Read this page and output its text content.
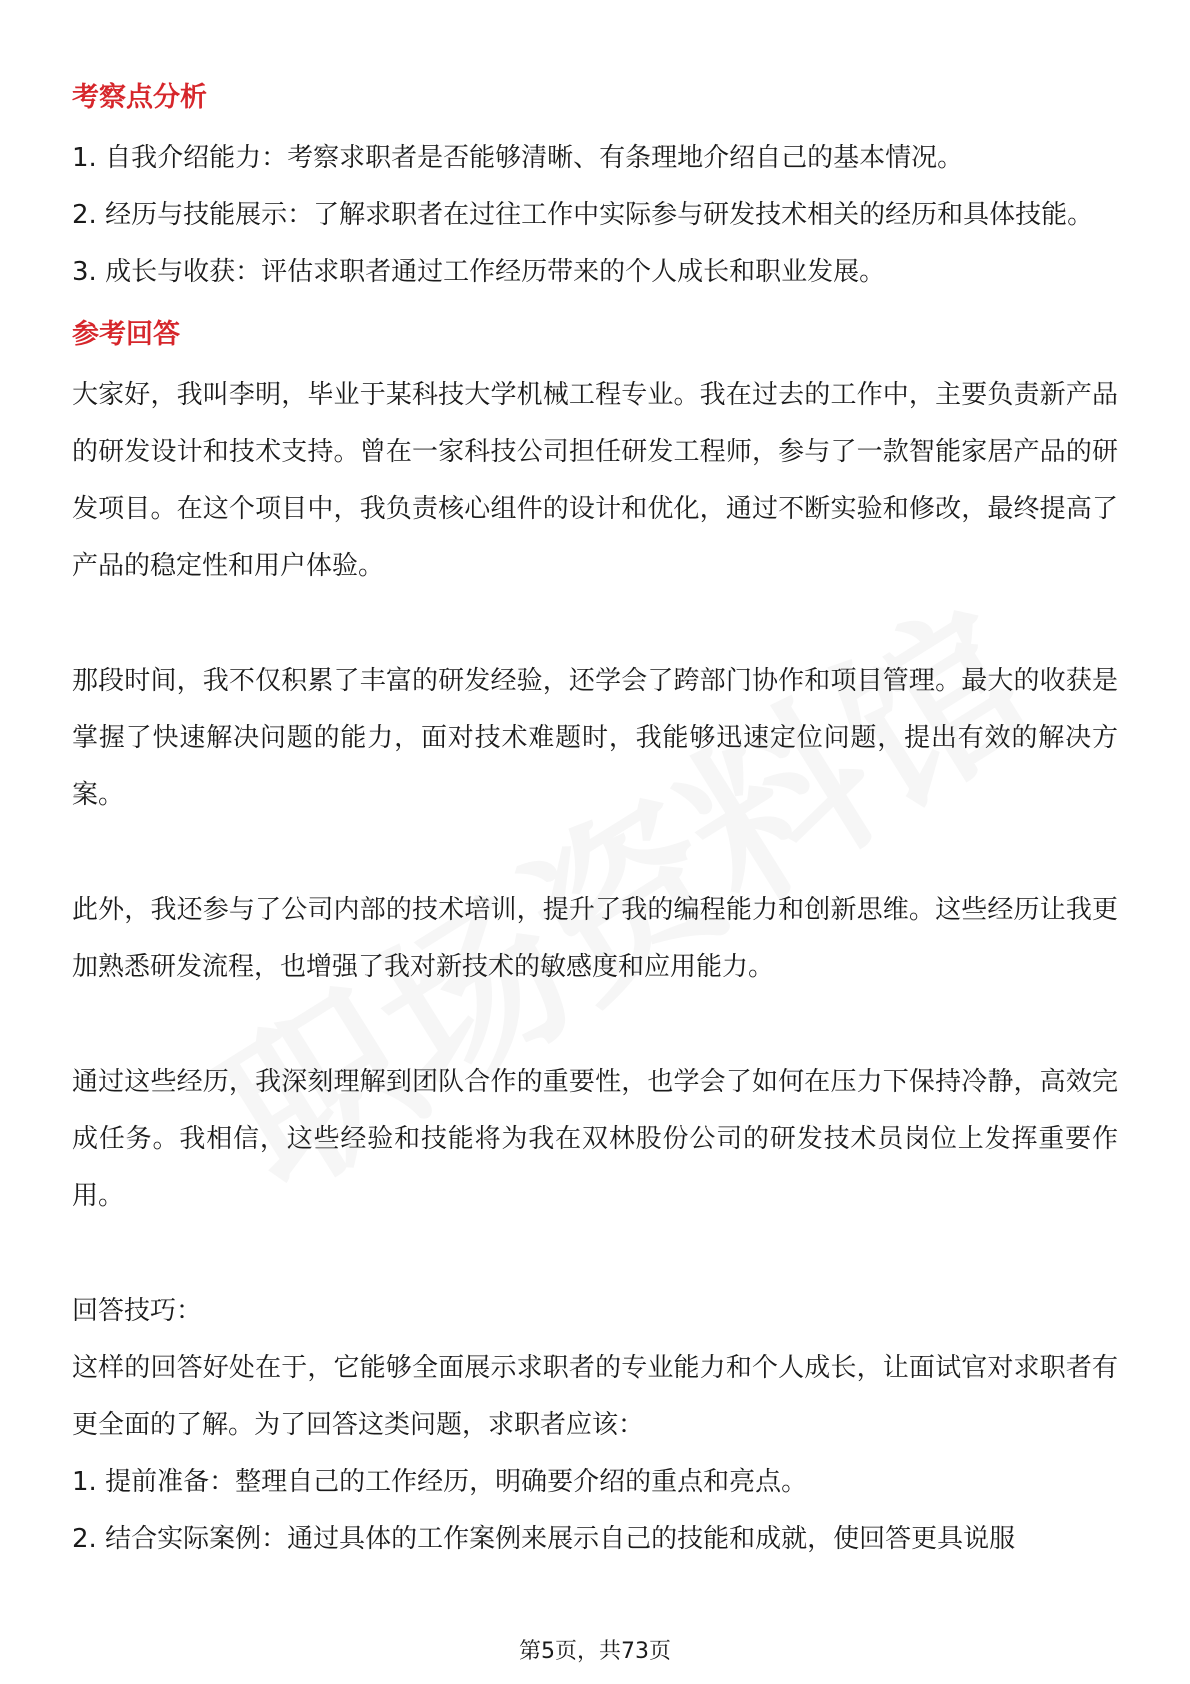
考察点分析

1. 自我介绍能力：考察求职者是否能够清晰、有条理地介绍自己的基本情况。

2. 经历与技能展示：了解求职者在过往工作中实际参与研发技术相关的经历和具体技能。

3. 成长与收获：评估求职者通过工作经历带来的个人成长和职业发展。

参考回答

大家好，我叫李明，毕业于某科技大学机械工程专业。我在过去的工作中，主要负责新产品的研发设计和技术支持。曾在一家科技公司担任研发工程师，参与了一款智能家居产品的研发项目。在这个项目中，我负责核心组件的设计和优化，通过不断实验和修改，最终提高了产品的稳定性和用户体验。

那段时间，我不仅积累了丰富的研发经验，还学会了跨部门协作和项目管理。最大的收获是掌握了快速解决问题的能力，面对技术难题时，我能够迅速定位问题，提出有效的解决方案。

此外，我还参与了公司内部的技术培训，提升了我的编程能力和创新思维。这些经历让我更加熟悉研发流程，也增强了我对新技术的敏感度和应用能力。

通过这些经历，我深刻理解到团队合作的重要性，也学会了如何在压力下保持冷静，高效完成任务。我相信，这些经验和技能将为我在双林股份公司的研发技术员岗位上发挥重要作用。

回答技巧：

这样的回答好处在于，它能够全面展示求职者的专业能力和个人成长，让面试官对求职者有更全面的了解。为了回答这类问题，求职者应该：

1. 提前准备：整理自己的工作经历，明确要介绍的重点和亮点。

2. 结合实际案例：通过具体的工作案例来展示自己的技能和成就，使回答更具说服

第5页，共73页
